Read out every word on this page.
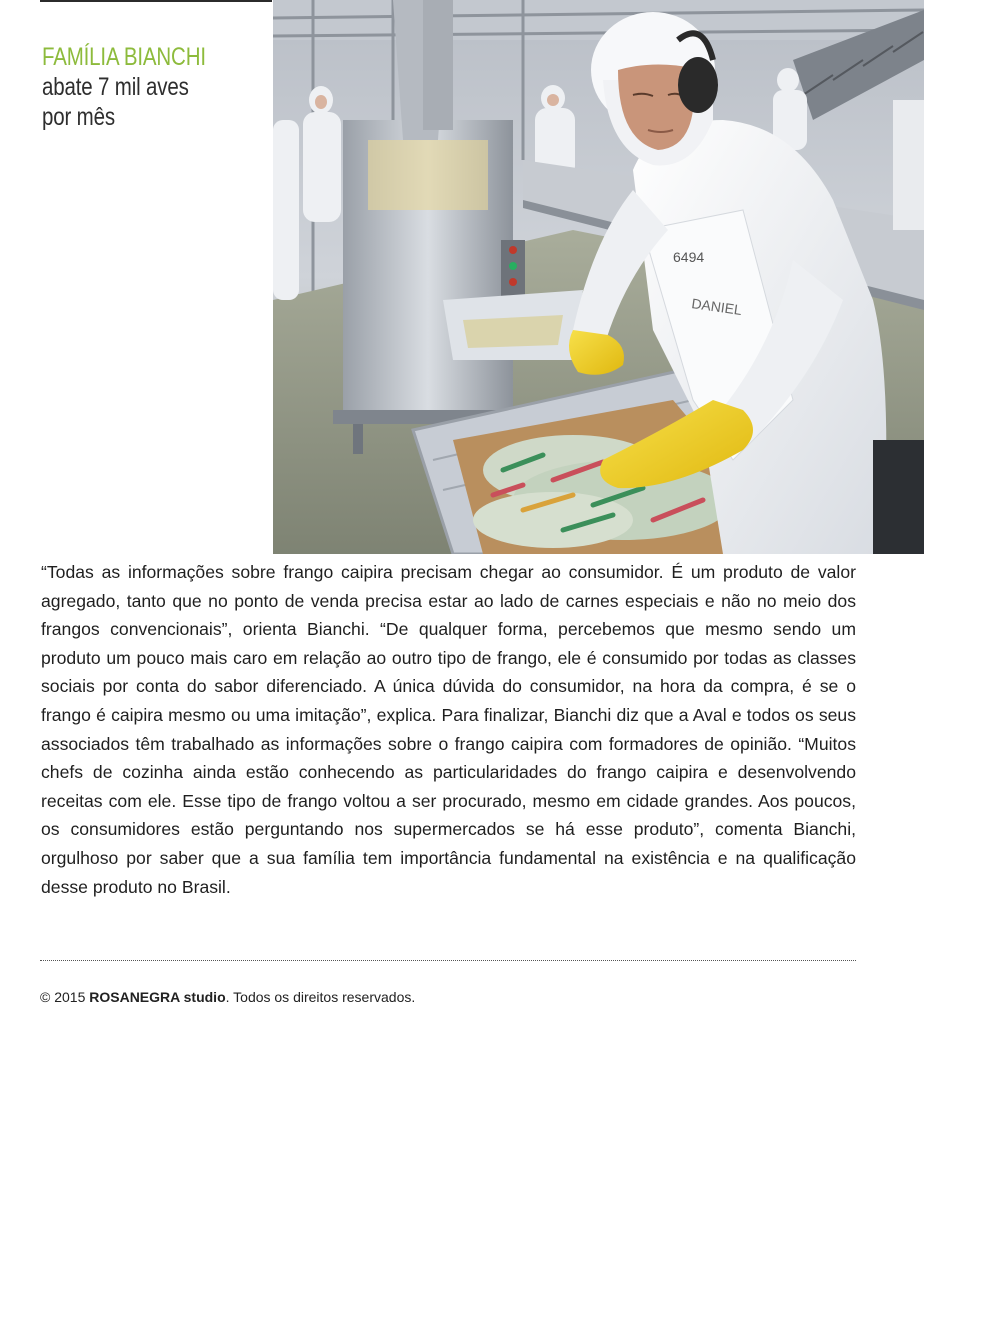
FAMÍLIA BIANCHI
abate 7 mil aves
por mês
6494
DANIEL

“Todas as informações sobre frango caipira precisam chegar ao consumidor. É um produto de valor agregado, tanto que no ponto de venda precisa estar ao lado de carnes especiais e não no meio dos frangos convencionais”, orienta Bianchi. “De qualquer forma, percebemos que mesmo sendo um produto um pouco mais caro em relação ao outro tipo de frango, ele é consumido por todas as classes sociais por conta do sabor diferenciado. A única dúvida do consumidor, na hora da compra, é se o frango é caipira mesmo ou uma imitação”, explica. Para finalizar, Bianchi diz que a Aval e todos os seus associados têm trabalhado as informações sobre o frango caipira com formadores de opinião. “Muitos chefs de cozinha ainda estão conhecendo as particularidades do frango caipira e desenvolvendo receitas com ele. Esse tipo de frango voltou a ser procurado, mesmo em cidade grandes. Aos poucos, os consumidores estão perguntando nos supermercados se há esse produto”, comenta Bianchi, orgulhoso por saber que a sua família tem importância fundamental na existência e na qualificação desse produto no Brasil.

© 2015 ROSANEGRA studio. Todos os direitos reservados.
